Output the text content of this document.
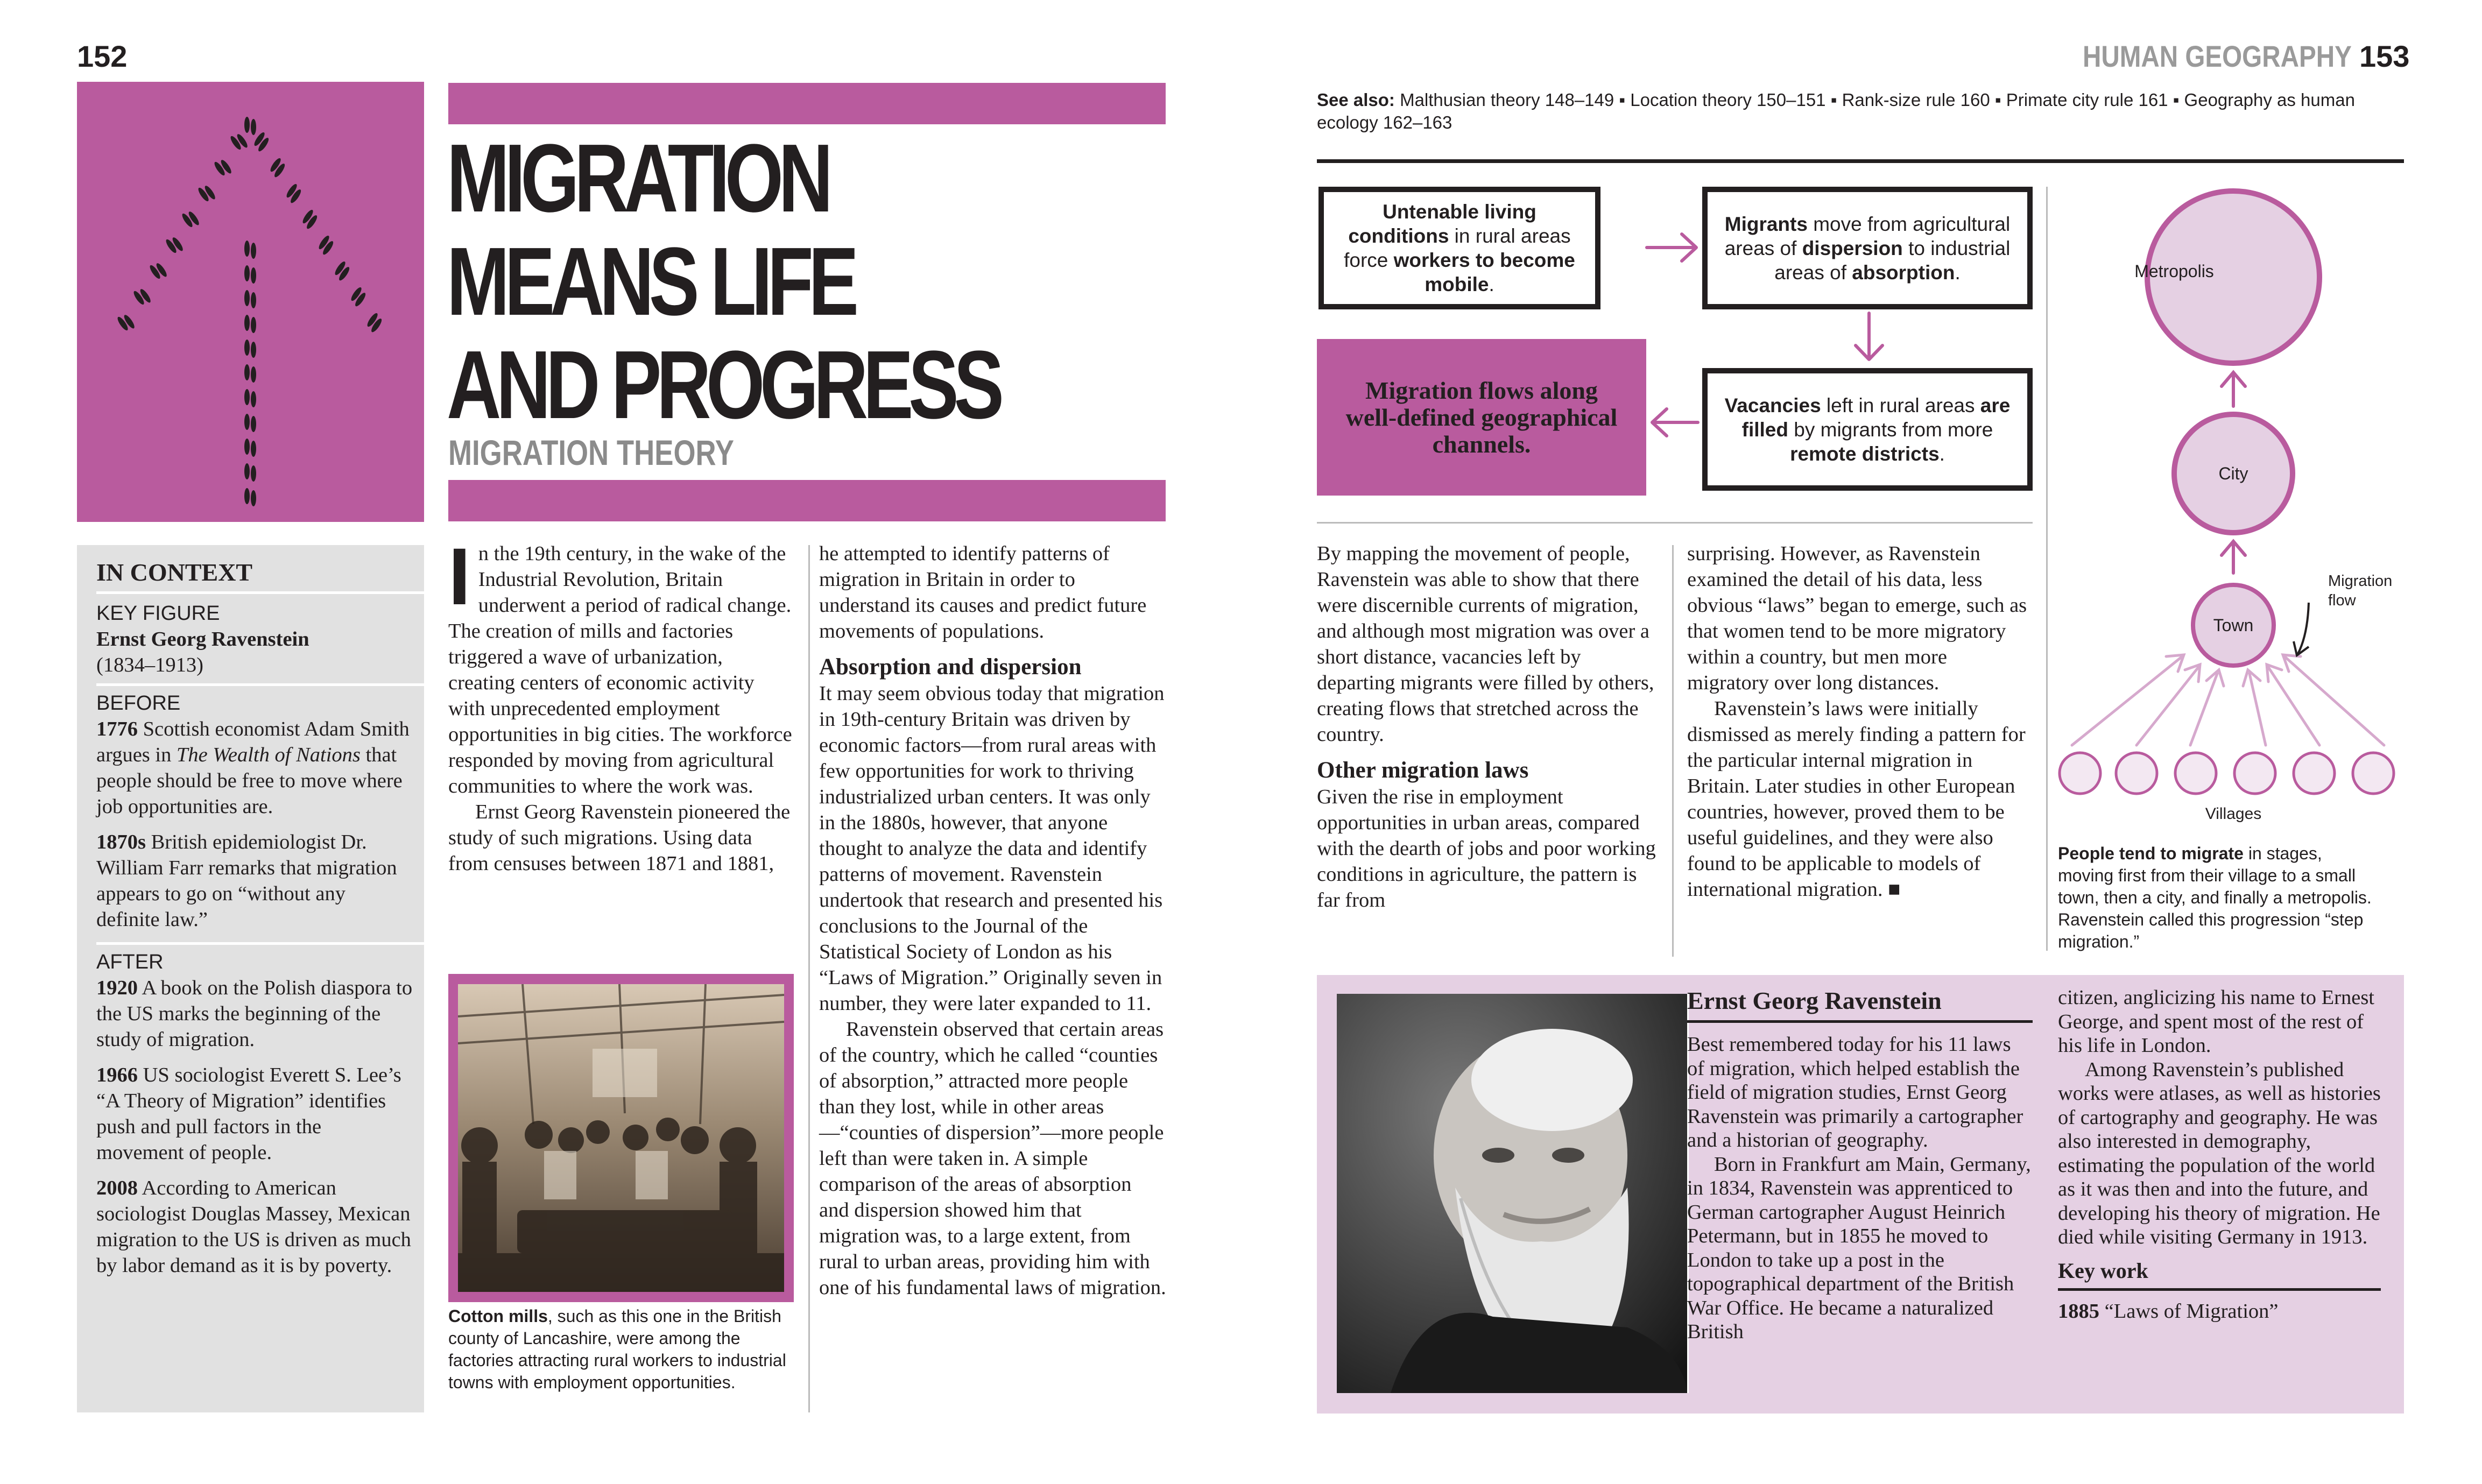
152
MIGRATION
MEANS LIFE
AND PROGRESS
MIGRATION THEORY
IN CONTEXT
KEY FIGURE
Ernst Georg Ravenstein
(1834–1913)
BEFORE
1776 Scottish economist Adam Smith argues in The Wealth of Nations that people should be free to move where job opportunities are.
1870s British epidemiologist Dr. William Farr remarks that migration appears to go on “without any definite law.”
AFTER
1920 A book on the Polish diaspora to the US marks the beginning of the study of migration.
1966 US sociologist Everett S. Lee’s “A Theory of Migration” identifies push and pull factors in the movement of people.
2008 According to American sociologist Douglas Massey, Mexican migration to the US is driven as much by labor demand as it is by poverty.

In the 19th century, in the wake of the Industrial Revolution, Britain underwent a period of radical change. The creation of mills and factories triggered a wave of urbanization, creating centers of economic activity with unprecedented employment opportunities in big cities. The workforce responded by moving from agricultural communities to where the work was.

Ernst Georg Ravenstein pioneered the study of such migrations. Using data from censuses between 1871 and 1881,

Cotton mills, such as this one in the British county of Lancashire, were among the factories attracting rural workers to industrial towns with employment opportunities.

he attempted to identify patterns of migration in Britain in order to understand its causes and predict future movements of populations.

Absorption and dispersion

It may seem obvious today that migration in 19th-century Britain was driven by economic factors—from rural areas with few opportunities for work to thriving industrialized urban centers. It was only in the 1880s, however, that anyone thought to analyze the data and identify patterns of movement. Ravenstein undertook that research and presented his conclusions to the Journal of the Statistical Society of London as his “Laws of Migration.” Originally seven in number, they were later expanded to 11.

Ravenstein observed that certain areas of the country, which he called “counties of absorption,” attracted more people than they lost, while in other areas—“counties of dispersion”—more people left than were taken in. A simple comparison of the areas of absorption and dispersion showed him that migration was, to a large extent, from rural to urban areas, providing him with one of his fundamental laws of migration.

HUMAN GEOGRAPHY 153
See also: Malthusian theory 148–149 ▪ Location theory 150–151 ▪ Rank-size rule 160 ▪ Primate city rule 161 ▪ Geography as human ecology 162–163
Untenable living conditions in rural areas force workers to become mobile.
Migrants move from agricultural areas of dispersion to industrial areas of absorption.
Vacancies left in rural areas are filled by migrants from more remote districts.
Migration flows along well-defined geographical channels.
Metropolis
City
Town
Migration flow
Villages
People tend to migrate in stages, moving first from their village to a small town, then a city, and finally a metropolis. Ravenstein called this progression “step migration.”

By mapping the movement of people, Ravenstein was able to show that there were discernible currents of migration, and although most migration was over a short distance, vacancies left by departing migrants were filled by others, creating flows that stretched across the country.

Other migration laws

Given the rise in employment opportunities in urban areas, compared with the dearth of jobs and poor working conditions in agriculture, the pattern is far from

surprising. However, as Ravenstein examined the detail of his data, less obvious “laws” began to emerge, such as that women tend to be more migratory within a country, but men more migratory over long distances.

Ravenstein’s laws were initially dismissed as merely finding a pattern for the particular internal migration in Britain. Later studies in other European countries, however, proved them to be useful guidelines, and they were also found to be applicable to models of international migration. ■

Ernst Georg Ravenstein

Best remembered today for his 11 laws of migration, which helped establish the field of migration studies, Ernst Georg Ravenstein was primarily a cartographer and a historian of geography.

Born in Frankfurt am Main, Germany, in 1834, Ravenstein was apprenticed to German cartographer August Heinrich Petermann, but in 1855 he moved to London to take up a post in the topographical department of the British War Office. He became a naturalized British

citizen, anglicizing his name to Ernest George, and spent most of the rest of his life in London.

Among Ravenstein’s published works were atlases, as well as histories of cartography and geography. He was also interested in demography, estimating the population of the world as it was then and into the future, and developing his theory of migration. He died while visiting Germany in 1913.

Key work
1885 “Laws of Migration”
